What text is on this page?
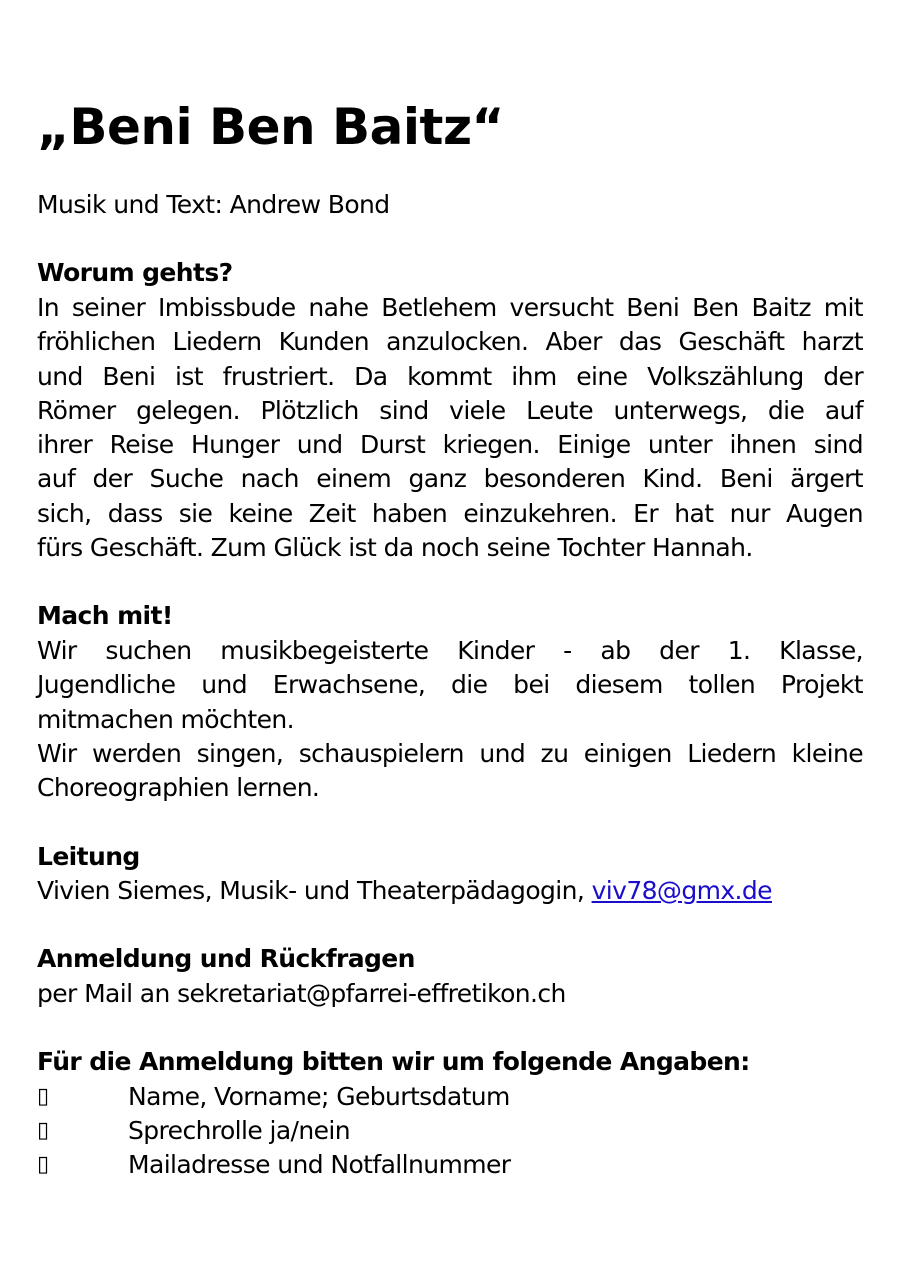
„Beni Ben Baitz“
Musik und Text: Andrew Bond
Worum gehts?
In seiner Imbissbude nahe Betlehem versucht Beni Ben Baitz mit
fröhlichen Liedern Kunden anzulocken. Aber das Geschäft harzt
und Beni ist frustriert. Da kommt ihm eine Volkszählung der
Römer gelegen. Plötzlich sind viele Leute unterwegs, die auf
ihrer Reise Hunger und Durst kriegen. Einige unter ihnen sind
auf der Suche nach einem ganz besonderen Kind. Beni ärgert
sich, dass sie keine Zeit haben einzukehren. Er hat nur Augen
fürs Geschäft. Zum Glück ist da noch seine Tochter Hannah.
Mach mit!
Wir suchen musikbegeisterte Kinder - ab der 1. Klasse,
Jugendliche und Erwachsene, die bei diesem tollen Projekt
mitmachen möchten.
Wir werden singen, schauspielern und zu einigen Liedern kleine
Choreographien lernen.
Leitung
Vivien Siemes, Musik- und Theaterpädagogin, viv78@gmx.de
Anmeldung und Rückfragen
per Mail an sekretariat@pfarrei-effretikon.ch
Für die Anmeldung bitten wir um folgende Angaben:
▯	Name, Vorname; Geburtsdatum
▯	Sprechrolle ja/nein
▯	Mailadresse und Notfallnummer
